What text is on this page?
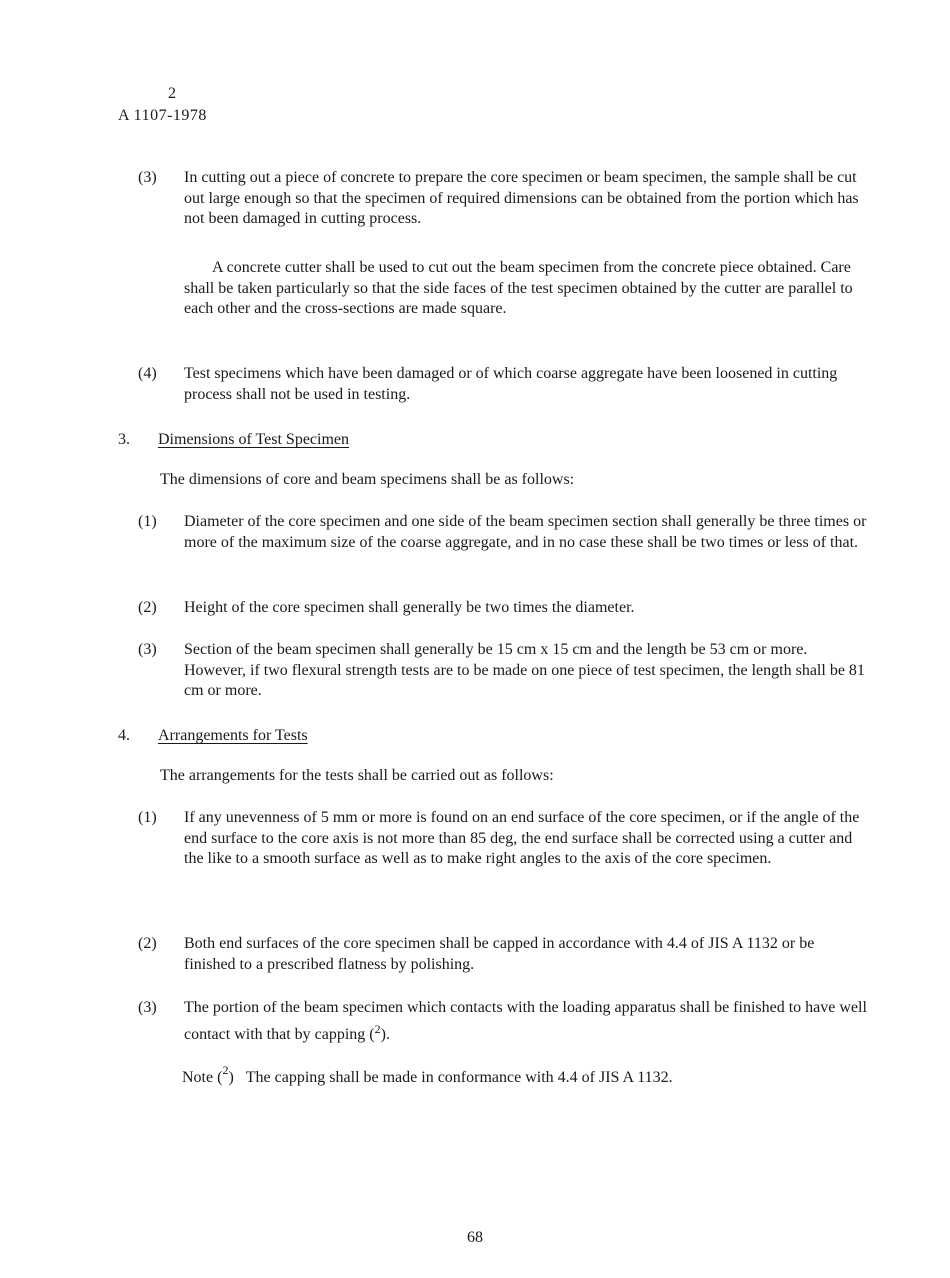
2
A 1107-1978
(3) In cutting out a piece of concrete to prepare the core specimen or beam specimen, the sample shall be cut out large enough so that the specimen of required dimensions can be obtained from the portion which has not been damaged in cutting process.
A concrete cutter shall be used to cut out the beam specimen from the concrete piece obtained. Care shall be taken particularly so that the side faces of the test specimen obtained by the cutter are parallel to each other and the cross-sections are made square.
(4) Test specimens which have been damaged or of which coarse aggregate have been loosened in cutting process shall not be used in testing.
3. Dimensions of Test Specimen
The dimensions of core and beam specimens shall be as follows:
(1) Diameter of the core specimen and one side of the beam specimen section shall generally be three times or more of the maximum size of the coarse aggregate, and in no case these shall be two times or less of that.
(2) Height of the core specimen shall generally be two times the diameter.
(3) Section of the beam specimen shall generally be 15 cm x 15 cm and the length be 53 cm or more. However, if two flexural strength tests are to be made on one piece of test specimen, the length shall be 81 cm or more.
4. Arrangements for Tests
The arrangements for the tests shall be carried out as follows:
(1) If any unevenness of 5 mm or more is found on an end surface of the core specimen, or if the angle of the end surface to the core axis is not more than 85 deg, the end surface shall be corrected using a cutter and the like to a smooth surface as well as to make right angles to the axis of the core specimen.
(2) Both end surfaces of the core specimen shall be capped in accordance with 4.4 of JIS A 1132 or be finished to a prescribed flatness by polishing.
(3) The portion of the beam specimen which contacts with the loading apparatus shall be finished to have well contact with that by capping ($^2$).
Note ($^2$) The capping shall be made in conformance with 4.4 of JIS A 1132.
68
